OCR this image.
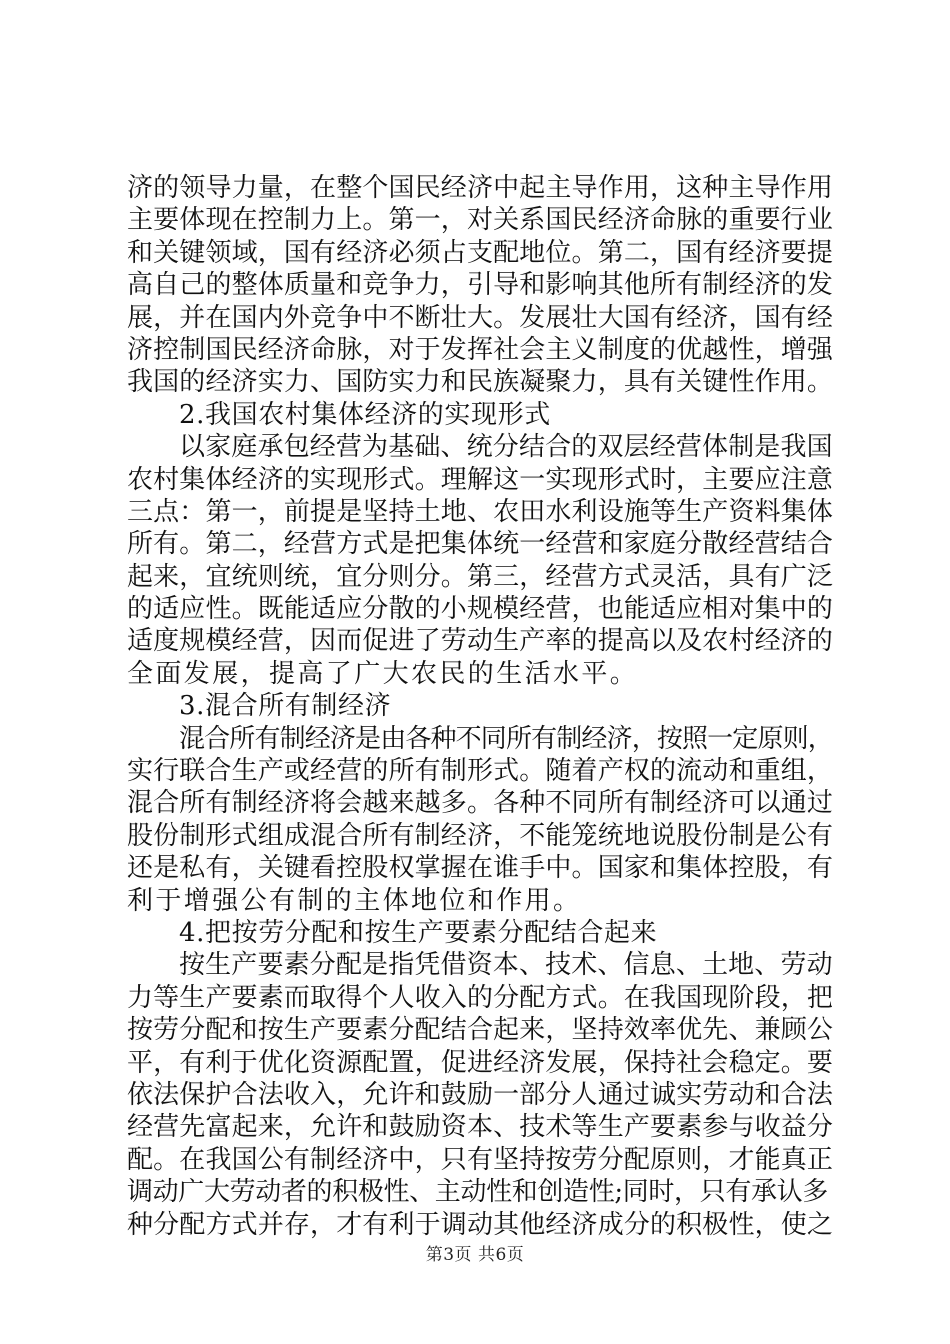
济的领导力量，在整个国民经济中起主导作用，这种主导作用
主要体现在控制力上。第一，对关系国民经济命脉的重要行业
和关键领域，国有经济必须占支配地位。第二，国有经济要提
高自己的整体质量和竞争力，引导和影响其他所有制经济的发
展，并在国内外竞争中不断壮大。发展壮大国有经济，国有经
济控制国民经济命脉，对于发挥社会主义制度的优越性，增强
我国的经济实力、国防实力和民族凝聚力，具有关键性作用。
2.我国农村集体经济的实现形式
以家庭承包经营为基础、统分结合的双层经营体制是我国
农村集体经济的实现形式。理解这一实现形式时，主要应注意
三点：第一，前提是坚持土地、农田水利设施等生产资料集体
所有。第二，经营方式是把集体统一经营和家庭分散经营结合
起来，宜统则统，宜分则分。第三，经营方式灵活，具有广泛
的适应性。既能适应分散的小规模经营，也能适应相对集中的
适度规模经营，因而促进了劳动生产率的提高以及农村经济的
全面发展，提高了广大农民的生活水平。
3.混合所有制经济
混合所有制经济是由各种不同所有制经济，按照一定原则，
实行联合生产或经营的所有制形式。随着产权的流动和重组，
混合所有制经济将会越来越多。各种不同所有制经济可以通过
股份制形式组成混合所有制经济，不能笼统地说股份制是公有
还是私有，关键看控股权掌握在谁手中。国家和集体控股，有
利于增强公有制的主体地位和作用。
4.把按劳分配和按生产要素分配结合起来
按生产要素分配是指凭借资本、技术、信息、土地、劳动
力等生产要素而取得个人收入的分配方式。在我国现阶段，把
按劳分配和按生产要素分配结合起来，坚持效率优先、兼顾公
平，有利于优化资源配置，促进经济发展，保持社会稳定。要
依法保护合法收入，允许和鼓励一部分人通过诚实劳动和合法
经营先富起来，允许和鼓励资本、技术等生产要素参与收益分
配。在我国公有制经济中，只有坚持按劳分配原则，才能真正
调动广大劳动者的积极性、主动性和创造性;同时，只有承认多
种分配方式并存，才有利于调动其他经济成分的积极性，使之
第3页 共6页
